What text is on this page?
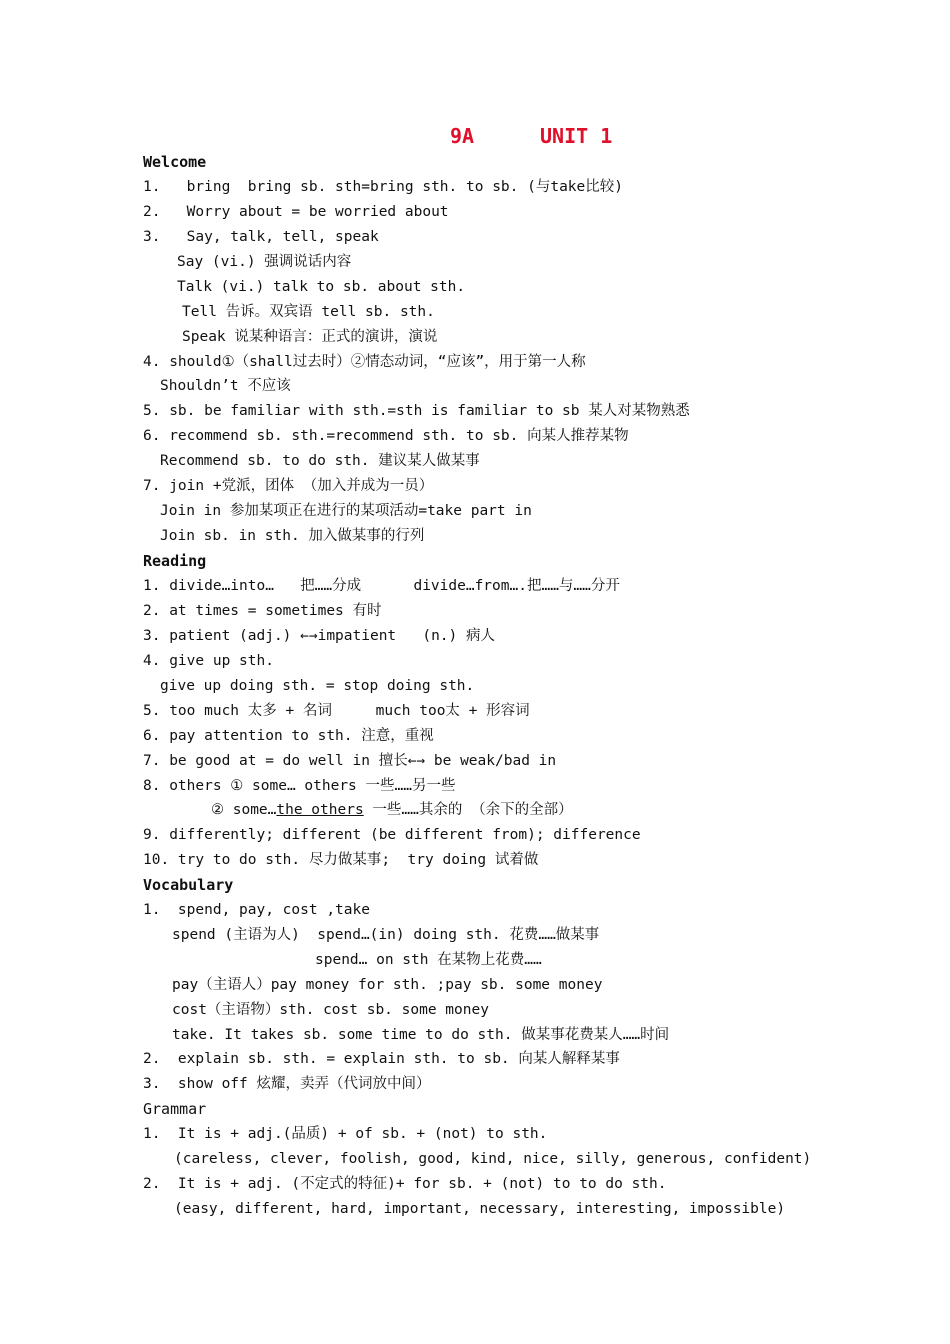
9A	UNIT 1
Welcome
1.   bring  bring sb. sth=bring sth. to sb. (与take比较)
2.   Worry about = be worried about
3.   Say, talk, tell, speak
Say (vi.) 强调说话内容
Talk (vi.) talk to sb. about sth.
Tell 告诉。双宾语 tell sb. sth.
Speak 说某种语言：正式的演讲，演说
4. should①（shall过去时）②情态动词，“应该”，用于第一人称
Shouldn’t 不应该
5. sb. be familiar with sth.=sth is familiar to sb 某人对某物熟悉
6. recommend sb. sth.=recommend sth. to sb. 向某人推荐某物
Recommend sb. to do sth. 建议某人做某事
7. join +党派，团体 （加入并成为一员）
Join in 参加某项正在进行的某项活动=take part in
Join sb. in sth. 加入做某事的行列
Reading
1. divide…into…   把……分成      divide…from….把……与……分开
2. at times = sometimes 有时
3. patient (adj.) ←→impatient   (n.) 病人
4. give up sth.
give up doing sth. = stop doing sth.
5. too much 太多 + 名词     much too太 + 形容词
6. pay attention to sth. 注意，重视
7. be good at = do well in 擅长←→ be weak/bad in
8. others ① some… others 一些……另一些
② some…the others 一些……其余的 （余下的全部）
9. differently; different (be different from); difference
10. try to do sth. 尽力做某事;  try doing 试着做
Vocabulary
1.  spend, pay, cost ,take
spend (主语为人)  spend…(in) doing sth. 花费……做某事
spend… on sth 在某物上花费……
pay（主语人）pay money for sth. ;pay sb. some money
cost（主语物）sth. cost sb. some money
take. It takes sb. some time to do sth. 做某事花费某人……时间
2.  explain sb. sth. = explain sth. to sb. 向某人解释某事
3.  show off 炫耀，卖弄（代词放中间）
Grammar
1.  It is + adj.(品质) + of sb. + (not) to sth.
(careless, clever, foolish, good, kind, nice, silly, generous, confident)
2.  It is + adj. (不定式的特征)+ for sb. + (not) to to do sth.
(easy, different, hard, important, necessary, interesting, impossible)
